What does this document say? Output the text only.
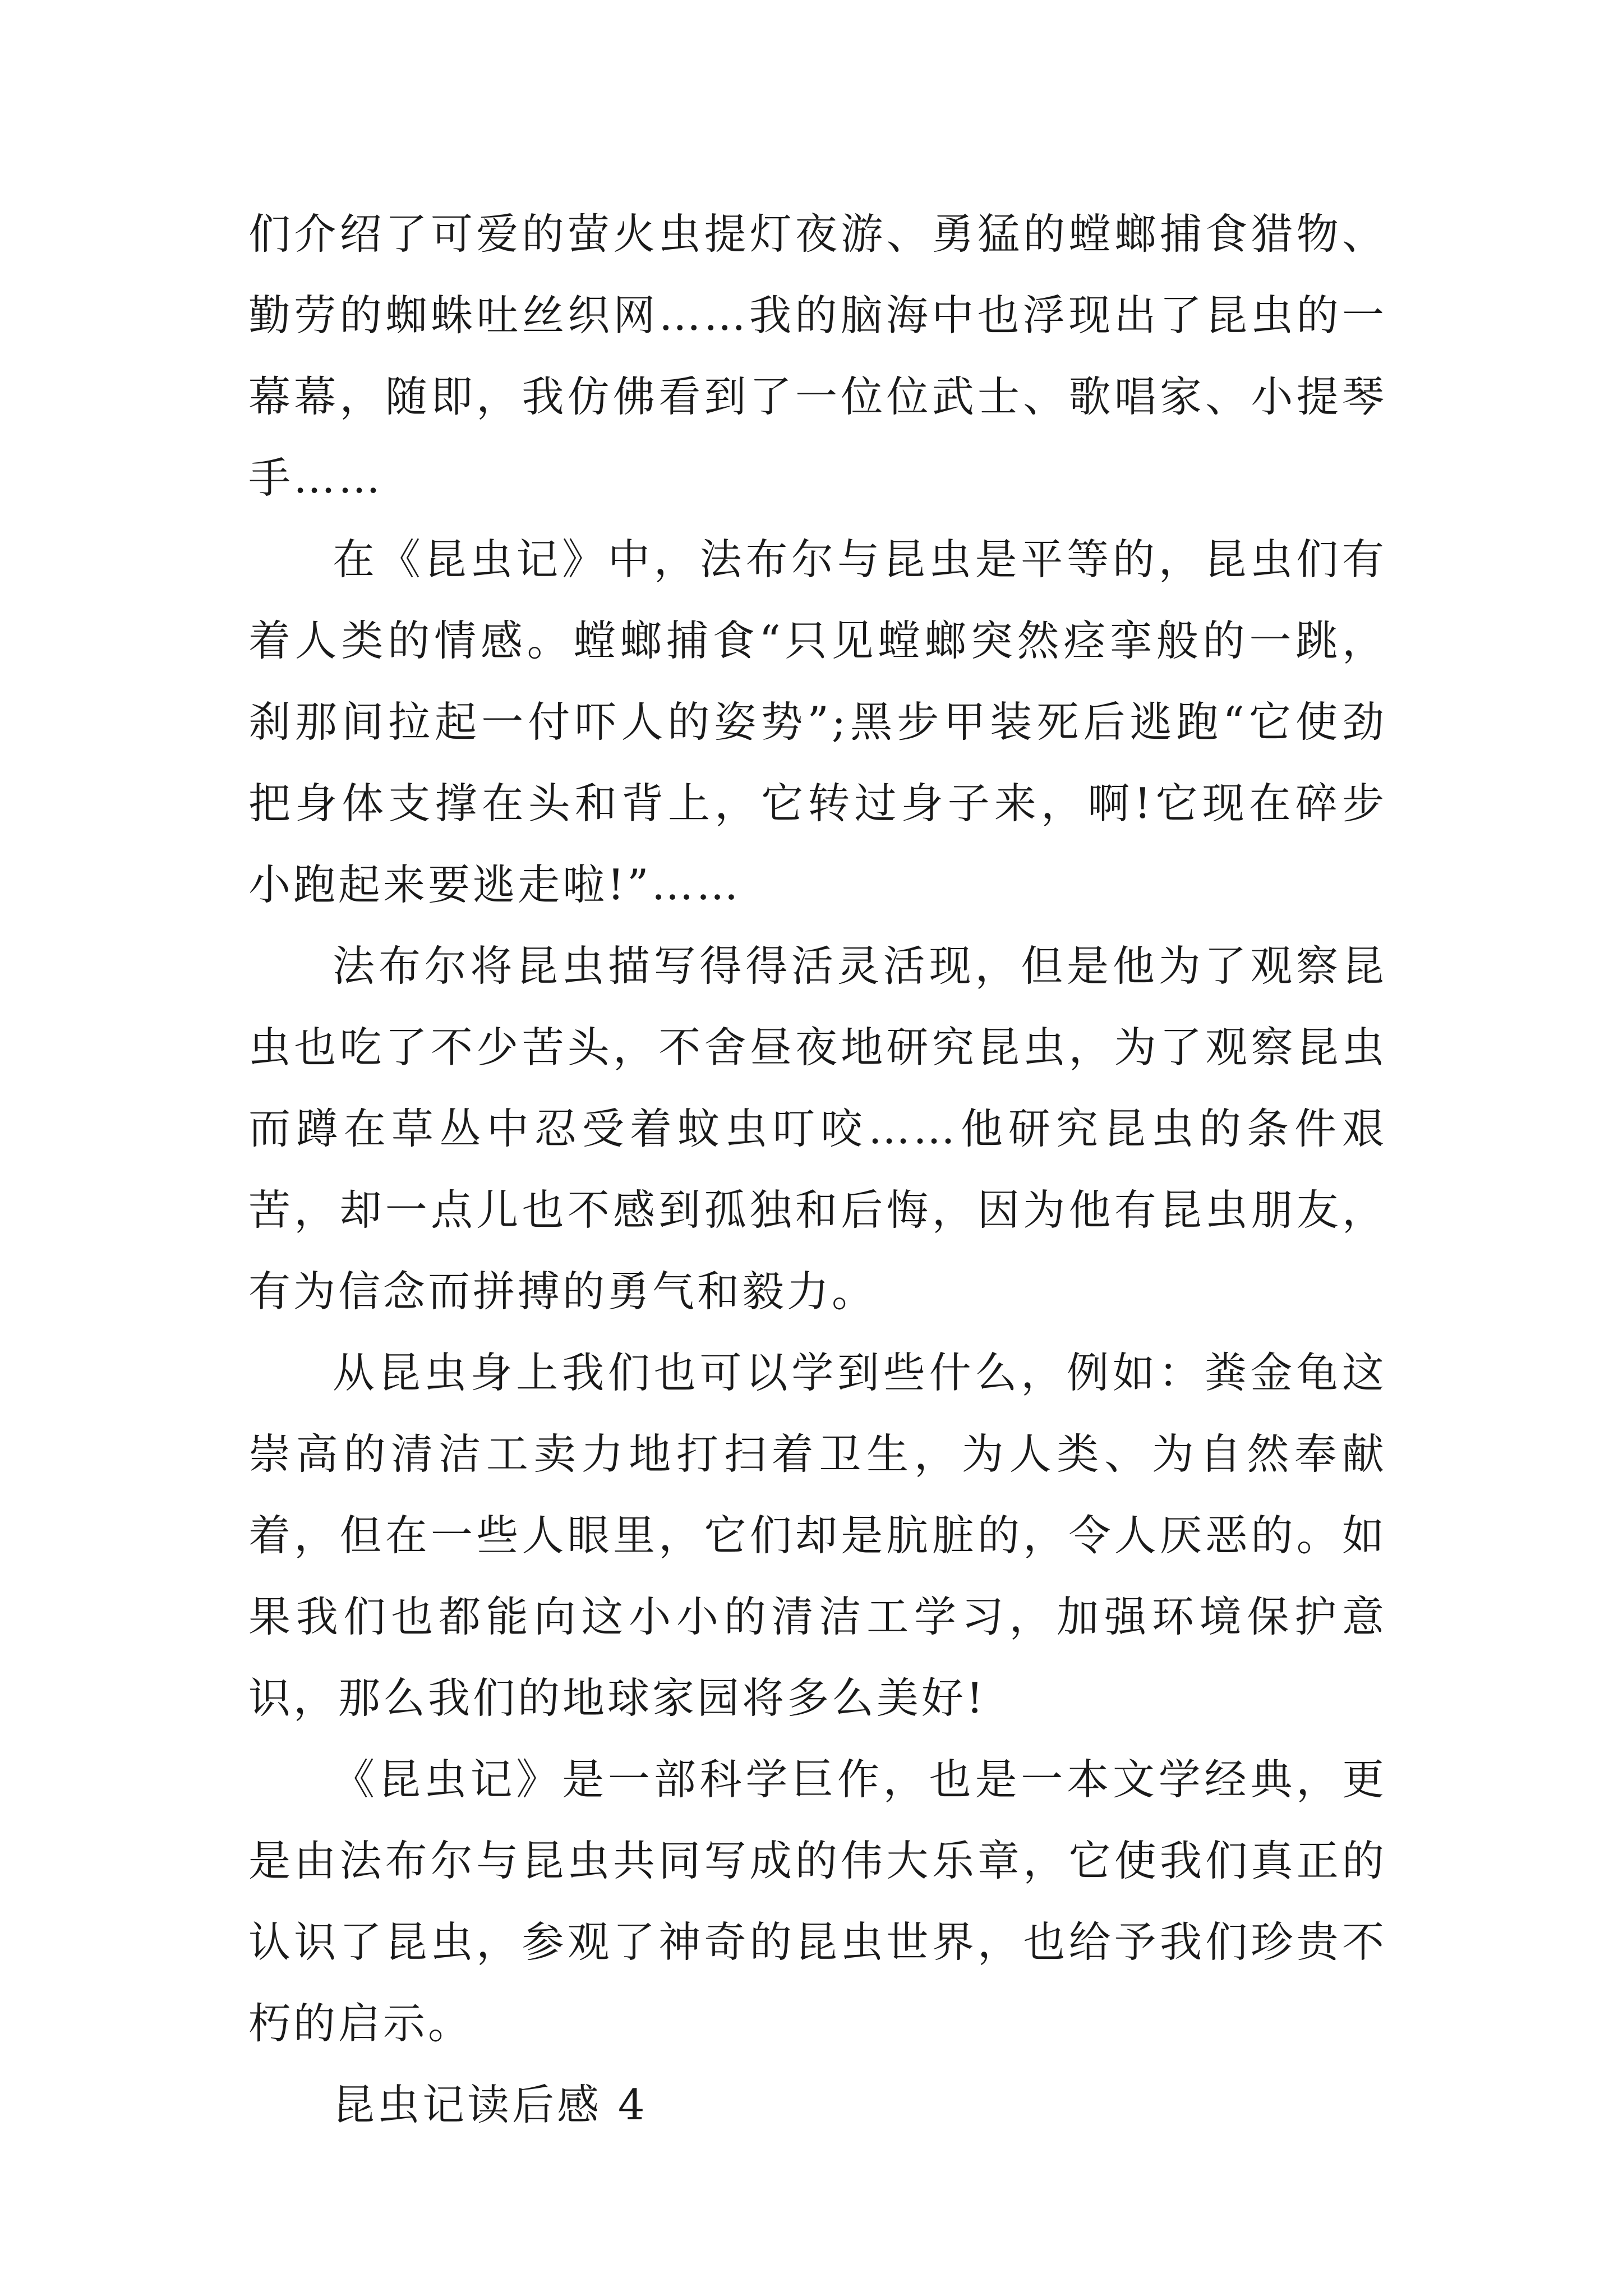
们介绍了可爱的萤火虫提灯夜游、勇猛的螳螂捕食猎物、勤劳的蜘蛛吐丝织网……我的脑海中也浮现出了昆虫的一幕幕，随即，我仿佛看到了一位位武士、歌唱家、小提琴手……

在《昆虫记》中，法布尔与昆虫是平等的，昆虫们有着人类的情感。螳螂捕食“只见螳螂突然痉挛般的一跳，刹那间拉起一付吓人的姿势”;黑步甲装死后逃跑“它使劲把身体支撑在头和背上，它转过身子来，啊!它现在碎步小跑起来要逃走啦!”……

法布尔将昆虫描写得得活灵活现，但是他为了观察昆虫也吃了不少苦头，不舍昼夜地研究昆虫，为了观察昆虫而蹲在草丛中忍受着蚊虫叮咬……他研究昆虫的条件艰苦，却一点儿也不感到孤独和后悔，因为他有昆虫朋友，有为信念而拼搏的勇气和毅力。

从昆虫身上我们也可以学到些什么，例如：粪金龟这崇高的清洁工卖力地打扫着卫生，为人类、为自然奉献着，但在一些人眼里，它们却是肮脏的，令人厌恶的。如果我们也都能向这小小的清洁工学习，加强环境保护意识，那么我们的地球家园将多么美好!

《昆虫记》是一部科学巨作，也是一本文学经典，更是由法布尔与昆虫共同写成的伟大乐章，它使我们真正的认识了昆虫，参观了神奇的昆虫世界，也给予我们珍贵不朽的启示。

昆虫记读后感 4
